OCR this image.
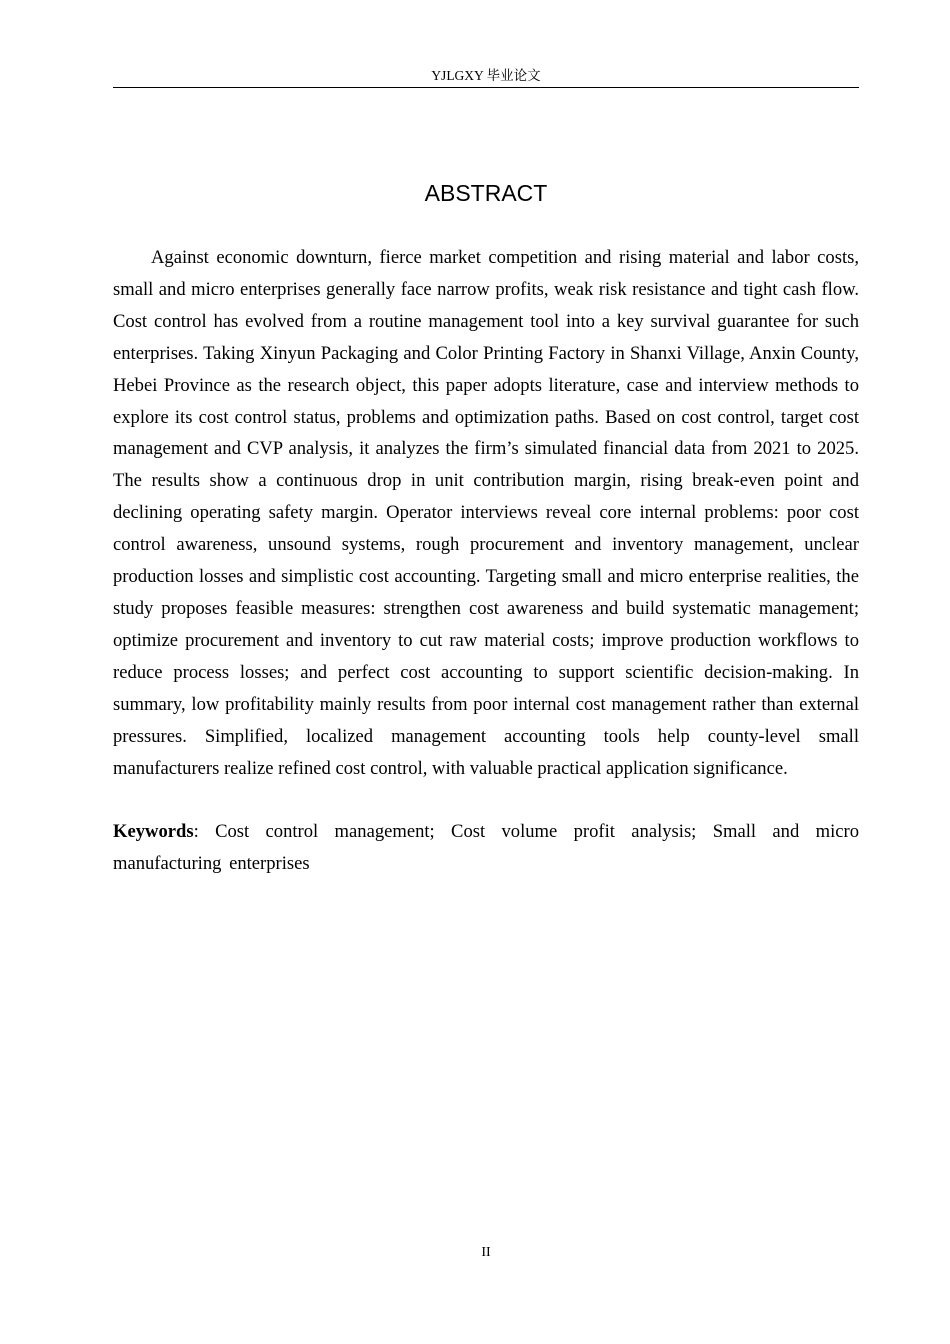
YJLGXY 毕业论文
ABSTRACT

Against economic downturn, fierce market competition and rising material and labor costs, small and micro enterprises generally face narrow profits, weak risk resistance and tight cash flow. Cost control has evolved from a routine management tool into a key survival guarantee for such enterprises. Taking Xinyun Packaging and Color Printing Factory in Shanxi Village, Anxin County, Hebei Province as the research object, this paper adopts literature, case and interview methods to explore its cost control status, problems and optimization paths. Based on cost control, target cost management and CVP analysis, it analyzes the firm’s simulated financial data from 2021 to 2025. The results show a continuous drop in unit contribution margin, rising break-even point and declining operating safety margin. Operator interviews reveal core internal problems: poor cost control awareness, unsound systems, rough procurement and inventory management, unclear production losses and simplistic cost accounting. Targeting small and micro enterprise realities, the study proposes feasible measures: strengthen cost awareness and build systematic management; optimize procurement and inventory to cut raw material costs; improve production workflows to reduce process losses; and perfect cost accounting to support scientific decision-making. In summary, low profitability mainly results from poor internal cost management rather than external pressures. Simplified, localized management accounting tools help county-level small manufacturers realize refined cost control, with valuable practical application significance.

Keywords: Cost control management; Cost volume profit analysis; Small and micro manufacturing enterprises

II
